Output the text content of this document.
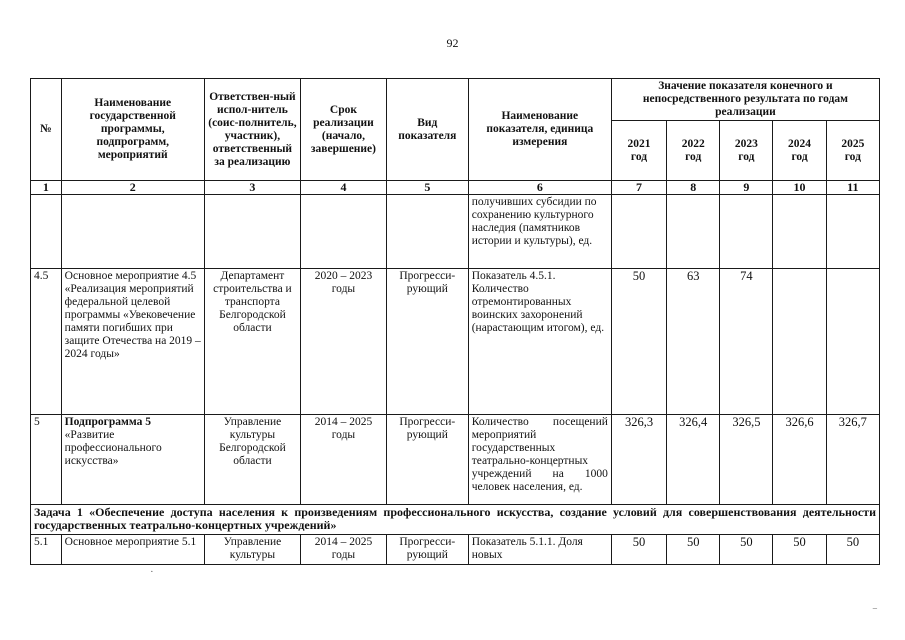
92
№	Наименование государственной программы, подпрограмм, мероприятий	Ответствен-ный испол-нитель (соис-полнитель, участник), ответственный за реализацию	Срок реализации (начало, завершение)	Вид показателя	Наименование показателя, единица измерения	Значение показателя конечного и непосредственного результата по годам реализации				
						2021 год	2022 год	2023 год	2024 год	2025 год
1	2	3	4	5	6	7	8	9	10	11
					получивших субсидии по сохранению культурного наследия (памятников истории и культуры), ед.					
4.5	Основное мероприятие 4.5 «Реализация мероприятий федеральной целевой программы «Увековечение памяти погибших при защите Отечества на 2019 – 2024 годы»	Департамент строительства и транспорта Белгородской области	2020 – 2023 годы	Прогресси-рующий	Показатель 4.5.1. Количество отремонтированных воинских захоронений (нарастающим итогом), ед.	50	63	74		
5	Подпрограмма 5
«Развитие профессионального искусства»	Управление культуры Белгородской области	2014 – 2025 годы	Прогресси-рующий	Количество посещений мероприятий государственных театрально-концертных учреждений на 1000 человек населения, ед.	326,3	326,4	326,5	326,6	326,7
Задача 1 «Обеспечение доступа населения к произведениям профессионального искусства, создание условий для совершенствования деятельности государственных театрально-концертных учреждений»										
5.1	Основное мероприятие 5.1	Управление культуры	2014 – 2025 годы	Прогресси-рующий	Показатель 5.1.1. Доля новых	50	50	50	50	50
·
⁻
